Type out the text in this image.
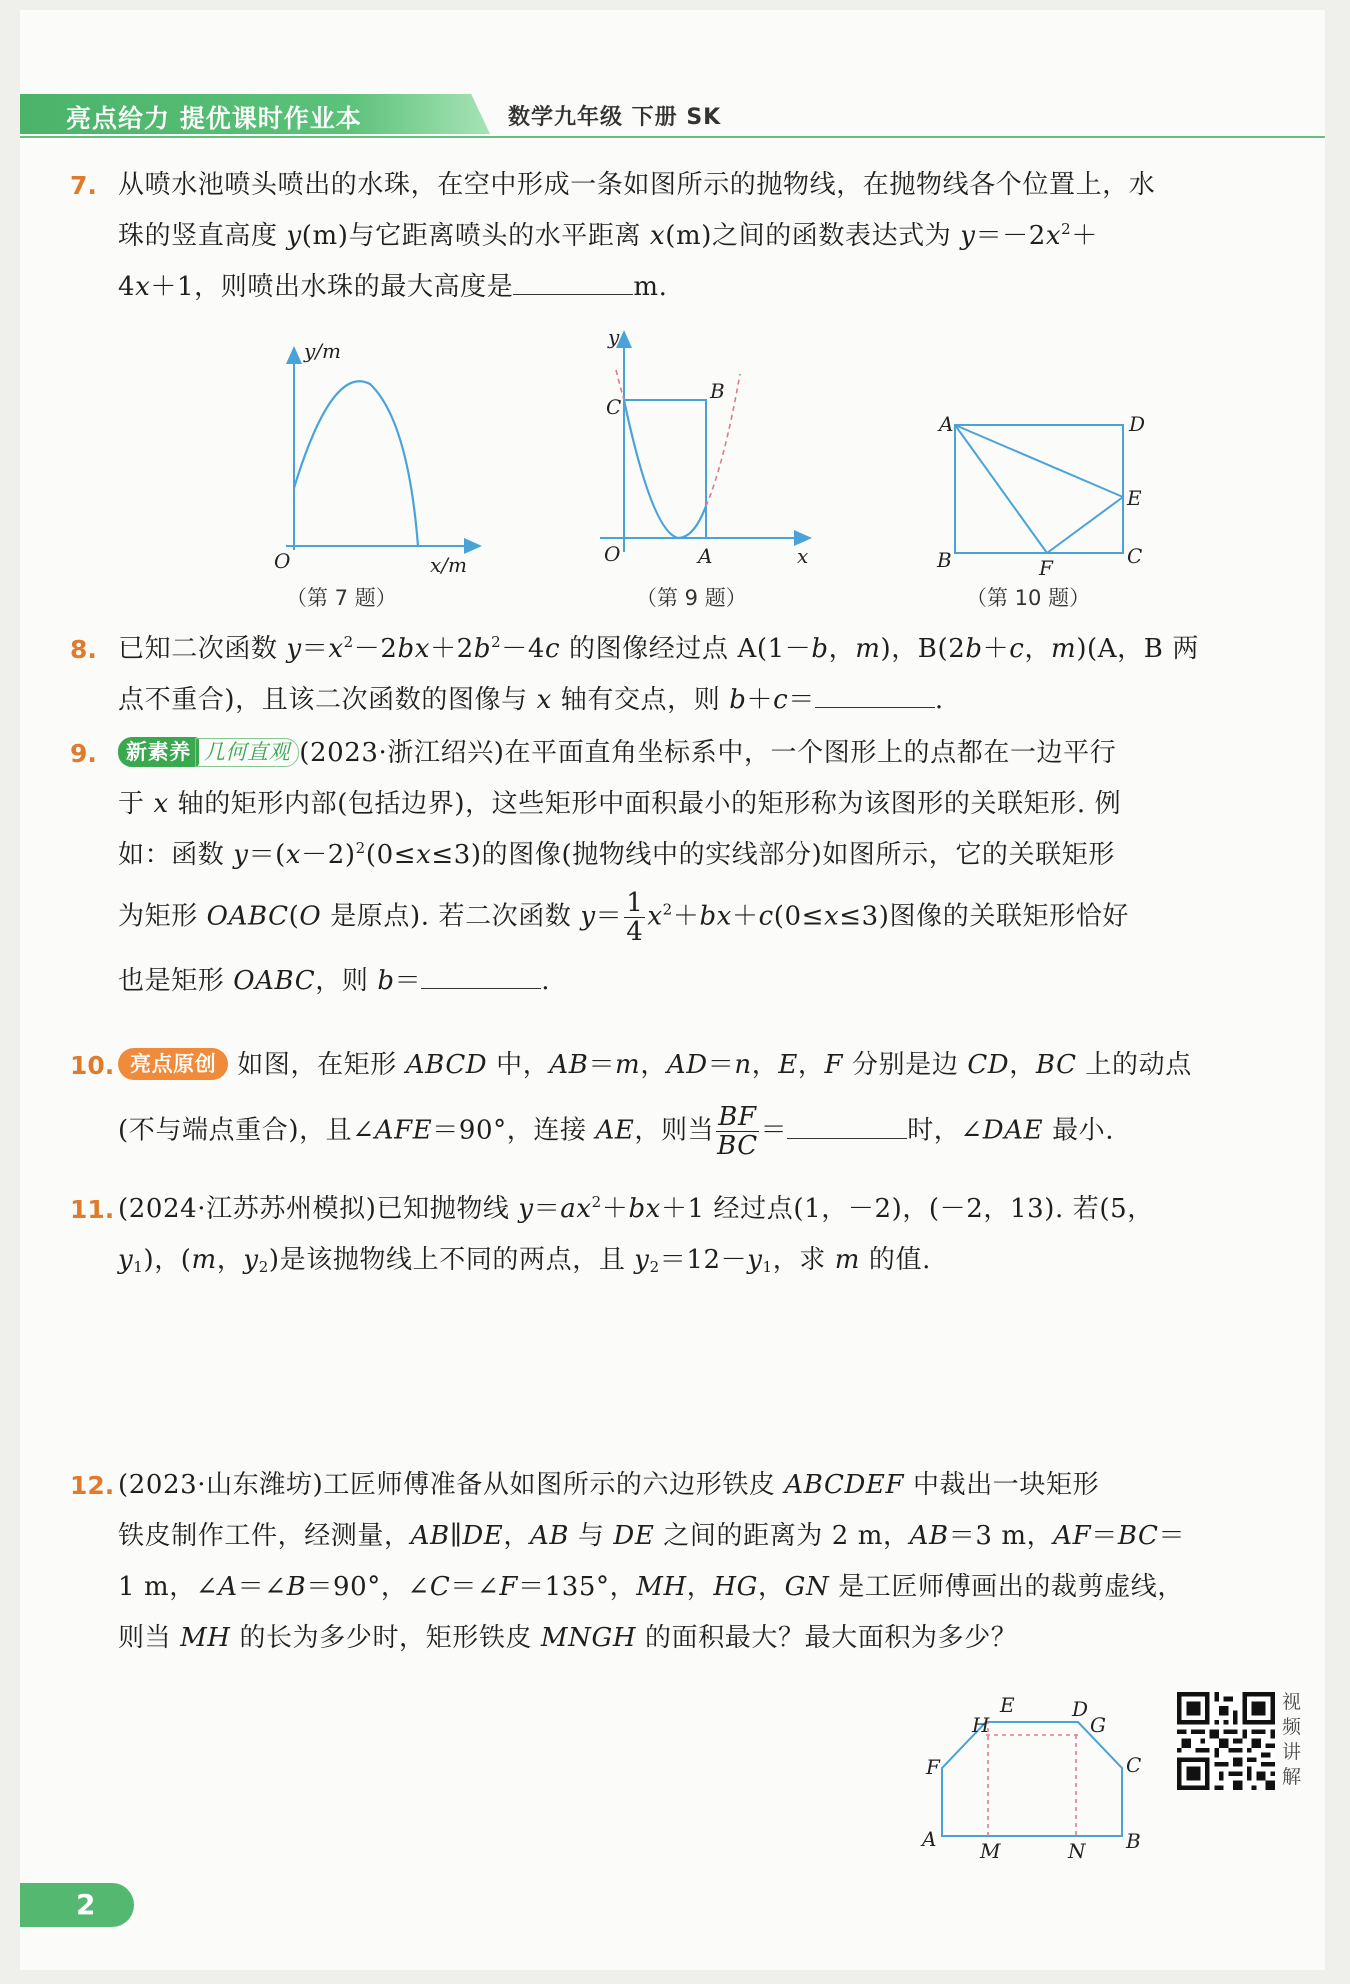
亮点给力 提优课时作业本	数学九年级 下册 SK
7. 从喷水池喷头喷出的水珠，在空中形成一条如图所示的抛物线，在抛物线各个位置上，水
珠的竖直高度 y(m)与它距离喷头的水平距离 x(m)之间的函数表达式为 $y=-2x^2+$
4x＋1，则喷出水珠的最大高度是	m.
y/m
x/m
O
（第 7 题）
y
x
O	A
B
C
（第 9 题）
A	D
E
B	C
F
（第 10 题）
8. 已知二次函数 $y=x^2-2bx+2b^2-4c$ 的图像经过点 A(1－b，m)，B(2b＋c，m)(A，B 两
点不重合)，且该二次函数的图像与 x 轴有交点，则 b＋c＝	.
9.	新素养 几何直观 (2023·浙江绍兴)在平面直角坐标系中，一个图形上的点都在一边平行
于 x 轴的矩形内部(包括边界)，这些矩形中面积最小的矩形称为该图形的关联矩形. 例
如：函数 $y=(x-2)^2(0\le x\le 3)$的图像(抛物线中的实线部分)如图所示，它的关联矩形
为矩形 OABC(O 是原点). 若二次函数 $y= \frac{1}{4} x^2+bx+c(0\le x\le 3)$图像的关联矩形恰好
也是矩形 OABC，则 b＝	.
10. 亮点原创 如图，在矩形 ABCD 中，AB＝m，AD＝n，E，F 分别是边 CD，BC 上的动点
(不与端点重合)，且∠AFE＝90°，连接 AE，则当 $\frac{BF}{BC}$ ＝	时，∠DAE 最小.
11. (2024·江苏苏州模拟)已知抛物线 $y=ax^2+bx+1$ 经过点(1，－2)，(－2，13). 若(5，
$y_1$)，(m，$y_2$)是该抛物线上不同的两点，且 $y_2=12-y_1$，求 m 的值.
12. (2023·山东潍坊)工匠师傅准备从如图所示的六边形铁皮 ABCDEF 中裁出一块矩形
铁皮制作工件，经测量，AB∥DE，AB 与 DE 之间的距离为 2 m，AB＝3 m，AF＝BC＝
1 m，∠A＝∠B＝90°，∠C＝∠F＝135°，MH，HG，GN 是工匠师傅画出的裁剪虚线，
则当 MH 的长为多少时，矩形铁皮 MNGH 的面积最大？最大面积为多少？
A	B
C
D
E
F
G
H
M	N
视频讲解
2
